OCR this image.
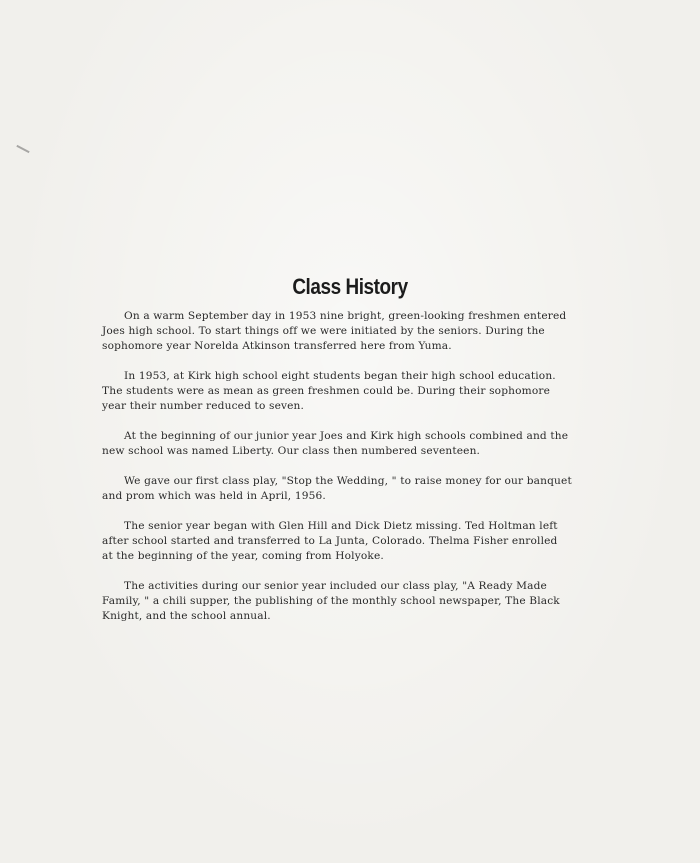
Class History

On a warm September day in 1953 nine bright, green-looking freshmen entered
Joes high school. To start things off we were initiated by the seniors. During the
sophomore year Norelda Atkinson transferred here from Yuma.

In 1953, at Kirk high school eight students began their high school education.
The students were as mean as green freshmen could be. During their sophomore
year their number reduced to seven.

At the beginning of our junior year Joes and Kirk high schools combined and the
new school was named Liberty. Our class then numbered seventeen.

We gave our first class play, "Stop the Wedding, " to raise money for our banquet
and prom which was held in April, 1956.

The senior year began with Glen Hill and Dick Dietz missing. Ted Holtman left
after school started and transferred to La Junta, Colorado. Thelma Fisher enrolled
at the beginning of the year, coming from Holyoke.

The activities during our senior year included our class play, "A Ready Made
Family, " a chili supper, the publishing of the monthly school newspaper, The Black
Knight, and the school annual.
